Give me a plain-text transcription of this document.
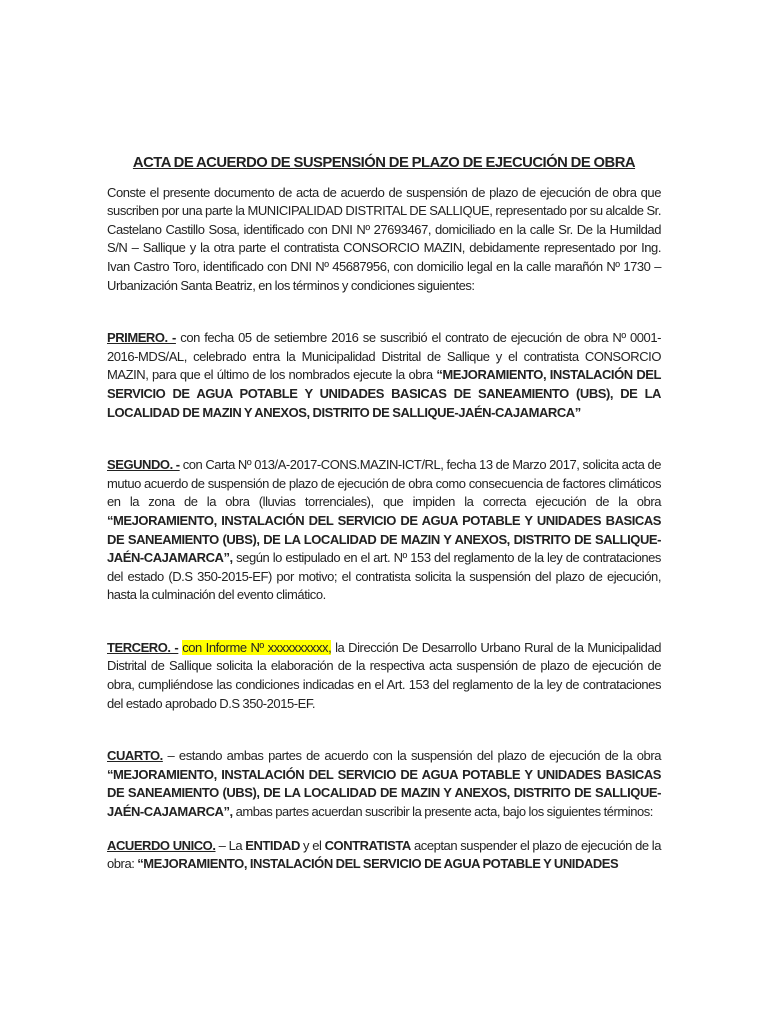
ACTA DE ACUERDO DE SUSPENSIÓN DE PLAZO DE EJECUCIÓN DE OBRA

Conste el presente documento de acta de acuerdo de suspensión de plazo de ejecución de obra que suscriben por una parte la MUNICIPALIDAD DISTRITAL DE SALLIQUE, representado por su alcalde Sr. Castelano Castillo Sosa, identificado con DNI Nº 27693467, domiciliado en la calle Sr. De la Humildad S/N – Sallique y la otra parte el contratista CONSORCIO MAZIN, debidamente representado por Ing. Ivan Castro Toro, identificado con DNI Nº 45687956, con domicilio legal en la calle marañón Nº 1730 – Urbanización Santa Beatriz, en los términos y condiciones siguientes:

PRIMERO. - con fecha 05 de setiembre 2016 se suscribió el contrato de ejecución de obra Nº 0001-2016-MDS/AL, celebrado entra la Municipalidad Distrital de Sallique y el contratista CONSORCIO MAZIN, para que el último de los nombrados ejecute la obra “MEJORAMIENTO, INSTALACIÓN DEL SERVICIO DE AGUA POTABLE Y UNIDADES BASICAS DE SANEAMIENTO (UBS), DE LA LOCALIDAD DE MAZIN Y ANEXOS, DISTRITO DE SALLIQUE-JAÉN-CAJAMARCA”

SEGUNDO. - con Carta Nº 013/A-2017-CONS.MAZIN-ICT/RL, fecha 13 de Marzo 2017, solicita acta de mutuo acuerdo de suspensión de plazo de ejecución de obra como consecuencia de factores climáticos en la zona de la obra (lluvias torrenciales), que impiden la correcta ejecución de la obra “MEJORAMIENTO, INSTALACIÓN DEL SERVICIO DE AGUA POTABLE Y UNIDADES BASICAS DE SANEAMIENTO (UBS), DE LA LOCALIDAD DE MAZIN Y ANEXOS, DISTRITO DE SALLIQUE-JAÉN-CAJAMARCA”, según lo estipulado en el art. Nº 153 del reglamento de la ley de contrataciones del estado (D.S 350-2015-EF) por motivo; el contratista solicita la suspensión del plazo de ejecución, hasta la culminación del evento climático.

TERCERO. - con Informe Nº xxxxxxxxxx, la Dirección De Desarrollo Urbano Rural de la Municipalidad Distrital de Sallique solicita la elaboración de la respectiva acta suspensión de plazo de ejecución de obra, cumpliéndose las condiciones indicadas en el Art. 153 del reglamento de la ley de contrataciones del estado aprobado D.S 350-2015-EF.

CUARTO. – estando ambas partes de acuerdo con la suspensión del plazo de ejecución de la obra “MEJORAMIENTO, INSTALACIÓN DEL SERVICIO DE AGUA POTABLE Y UNIDADES BASICAS DE SANEAMIENTO (UBS), DE LA LOCALIDAD DE MAZIN Y ANEXOS, DISTRITO DE SALLIQUE-JAÉN-CAJAMARCA”, ambas partes acuerdan suscribir la presente acta, bajo los siguientes términos:

ACUERDO UNICO. – La ENTIDAD y el CONTRATISTA aceptan suspender el plazo de ejecución de la obra: “MEJORAMIENTO, INSTALACIÓN DEL SERVICIO DE AGUA POTABLE Y UNIDADES
